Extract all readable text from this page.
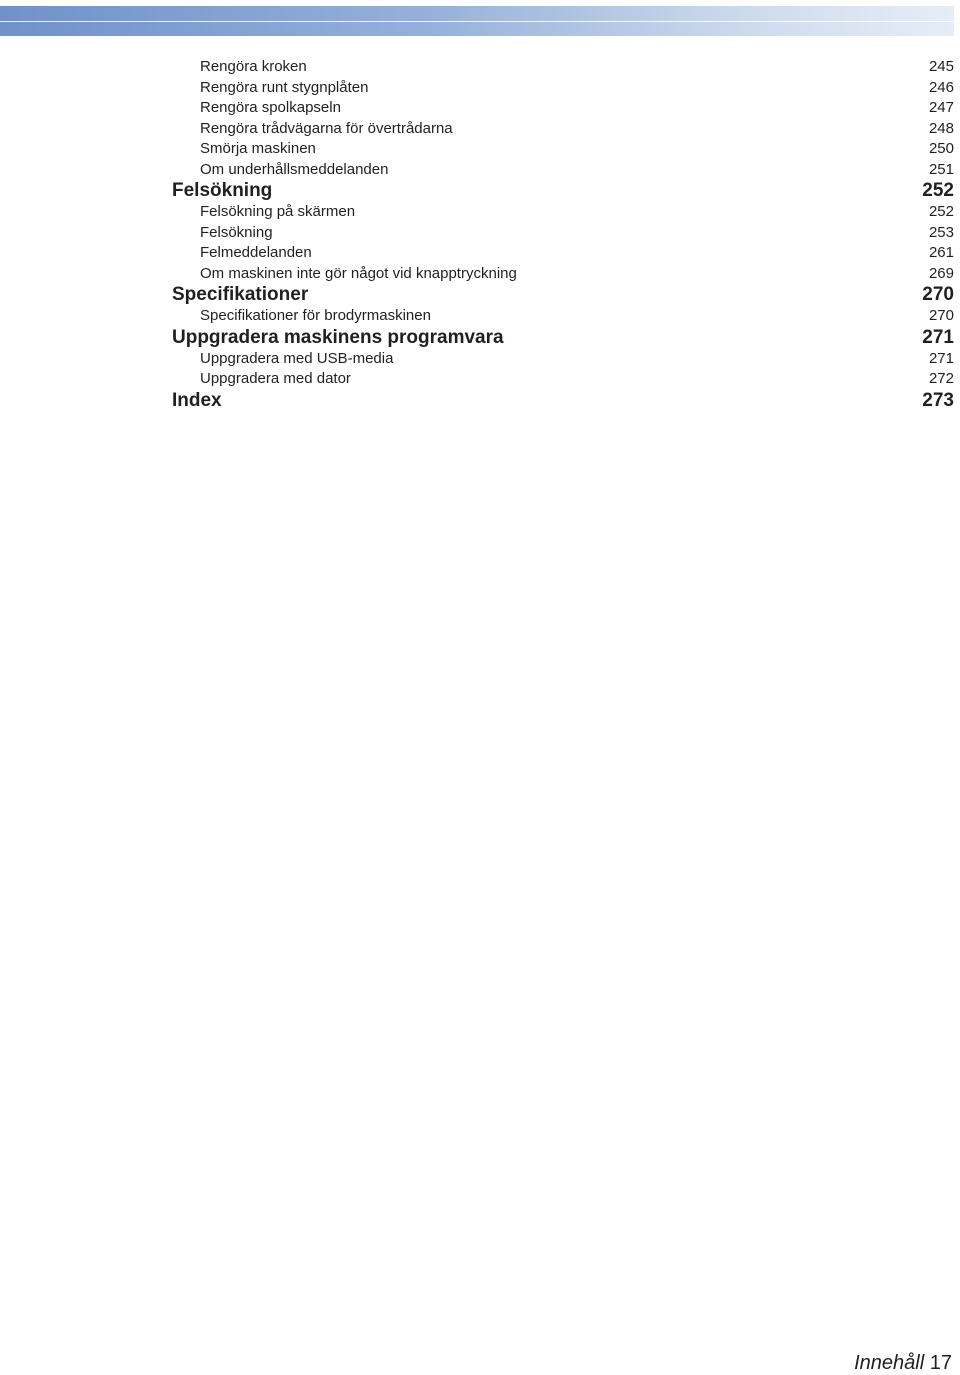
Rengöra kroken	245
Rengöra runt stygnplåten	246
Rengöra spolkapseln	247
Rengöra trådvägarna för övertrådarna	248
Smörja maskinen	250
Om underhållsmeddelanden	251
Felsökning	252
Felsökning på skärmen	252
Felsökning	253
Felmeddelanden	261
Om maskinen inte gör något vid knapptryckning	269
Specifikationer	270
Specifikationer för brodyrmaskinen	270
Uppgradera maskinens programvara	271
Uppgradera med USB-media	271
Uppgradera med dator	272
Index	273
Innehåll 17
